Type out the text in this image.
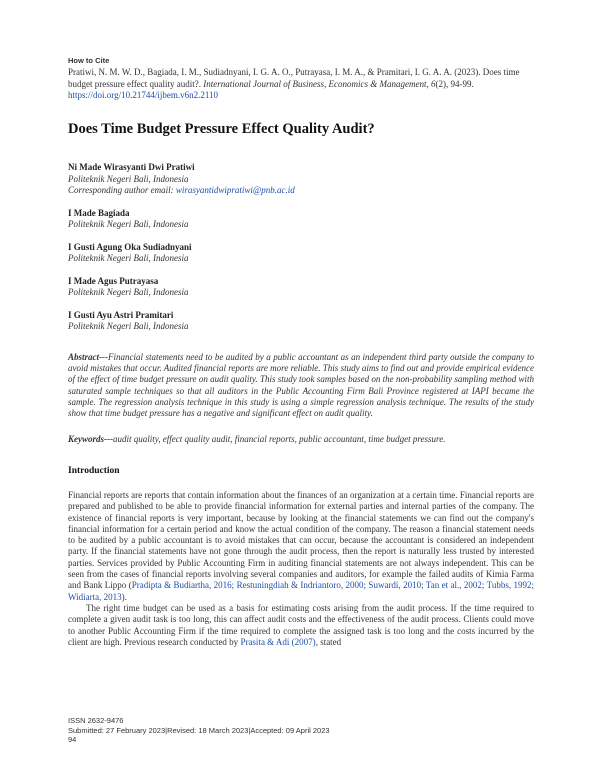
How to Cite
Pratiwi, N. M. W. D., Bagiada, I. M., Sudiadnyani, I. G. A. O., Putrayasa, I. M. A., & Pramitari, I. G. A. A. (2023). Does time budget pressure effect quality audit?. International Journal of Business, Economics & Management, 6(2), 94-99. https://doi.org/10.21744/ijbem.v6n2.2110
Does Time Budget Pressure Effect Quality Audit?
Ni Made Wirasyanti Dwi Pratiwi
Politeknik Negeri Bali, Indonesia
Corresponding author email: wirasyantidwipratiwi@pnb.ac.id
I Made Bagiada
Politeknik Negeri Bali, Indonesia
I Gusti Agung Oka Sudiadnyani
Politeknik Negeri Bali, Indonesia
I Made Agus Putrayasa
Politeknik Negeri Bali, Indonesia
I Gusti Ayu Astri Pramitari
Politeknik Negeri Bali, Indonesia
Abstract---Financial statements need to be audited by a public accountant as an independent third party outside the company to avoid mistakes that occur. Audited financial reports are more reliable. This study aims to find out and provide empirical evidence of the effect of time budget pressure on audit quality. This study took samples based on the non-probability sampling method with saturated sample techniques so that all auditors in the Public Accounting Firm Bali Province registered at IAPI became the sample. The regression analysis technique in this study is using a simple regression analysis technique. The results of the study show that time budget pressure has a negative and significant effect on audit quality.
Keywords---audit quality, effect quality audit, financial reports, public accountant, time budget pressure.
Introduction

Financial reports are reports that contain information about the finances of an organization at a certain time. Financial reports are prepared and published to be able to provide financial information for external parties and internal parties of the company. The existence of financial reports is very important, because by looking at the financial statements we can find out the company's financial information for a certain period and know the actual condition of the company. The reason a financial statement needs to be audited by a public accountant is to avoid mistakes that can occur, because the accountant is considered an independent party. If the financial statements have not gone through the audit process, then the report is naturally less trusted by interested parties. Services provided by Public Accounting Firm in auditing financial statements are not always independent. This can be seen from the cases of financial reports involving several companies and auditors, for example the failed audits of Kimia Farma and Bank Lippo (Pradipta & Budiartha, 2016; Restuningdiah & Indriantoro, 2000; Suwardi, 2010; Tan et al., 2002; Tubbs, 1992; Widiarta, 2013).

The right time budget can be used as a basis for estimating costs arising from the audit process. If the time required to complete a given audit task is too long, this can affect audit costs and the effectiveness of the audit process. Clients could move to another Public Accounting Firm if the time required to complete the assigned task is too long and the costs incurred by the client are high. Previous research conducted by Prasita & Adi (2007), stated

ISSN 2632-9476
Submitted: 27 February 2023|Revised: 18 March 2023|Accepted: 09 April 2023
94
